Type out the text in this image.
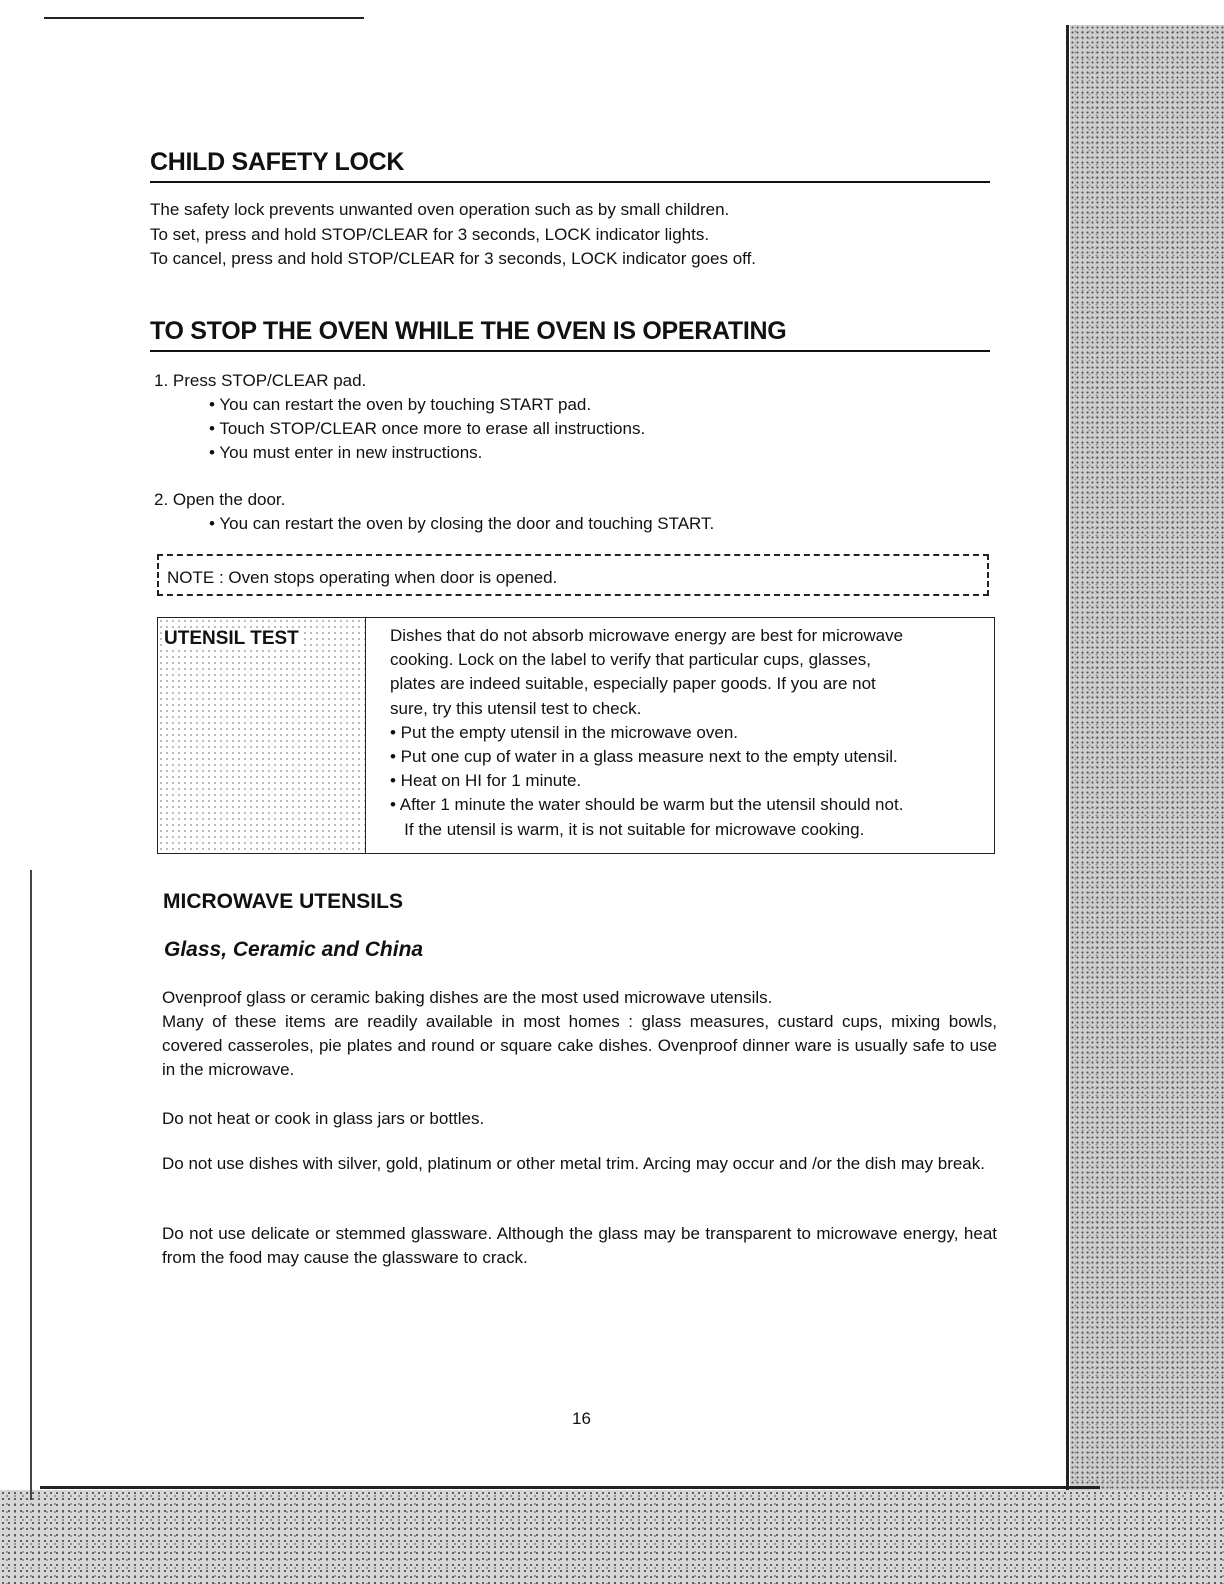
CHILD SAFETY LOCK

The safety lock prevents unwanted oven operation such as by small children.

To set, press and hold STOP/CLEAR for 3 seconds, LOCK indicator lights.

To cancel, press and hold STOP/CLEAR for 3 seconds, LOCK indicator goes off.

TO STOP THE OVEN WHILE THE OVEN IS OPERATING

1. Press STOP/CLEAR pad.

• You can restart the oven by touching START pad.

• Touch STOP/CLEAR once more to erase all instructions.

• You must enter in new instructions.

2. Open the door.

• You can restart the oven by closing the door and touching START.

NOTE : Oven stops operating when door is opened.
UTENSIL TEST	Dishes that do not absorb microwave energy are best for microwave

cooking. Lock on the label to verify that particular cups, glasses,

plates are indeed suitable, especially paper goods. If you are not

sure, try this utensil test to check.

• Put the empty utensil in the microwave oven.

• Put one cup of water in a glass measure next to the empty utensil.

• Heat on HI for 1 minute.

• After 1 minute the water should be warm but the utensil should not.

If the utensil is warm, it is not suitable for microwave cooking.

MICROWAVE UTENSILS
Glass, Ceramic and China

Ovenproof glass or ceramic baking dishes are the most used microwave utensils.

Many of these items are readily available in most homes : glass measures, custard cups, mixing bowls, covered casseroles, pie plates and round or square cake dishes. Ovenproof dinner ware is usually safe to use in the microwave.

Do not heat or cook in glass jars or bottles.

Do not use dishes with silver, gold, platinum or other metal trim. Arcing may occur and /or the dish may break.

Do not use delicate or stemmed glassware. Although the glass may be transparent to microwave energy, heat from the food may cause the glassware to crack.

16
